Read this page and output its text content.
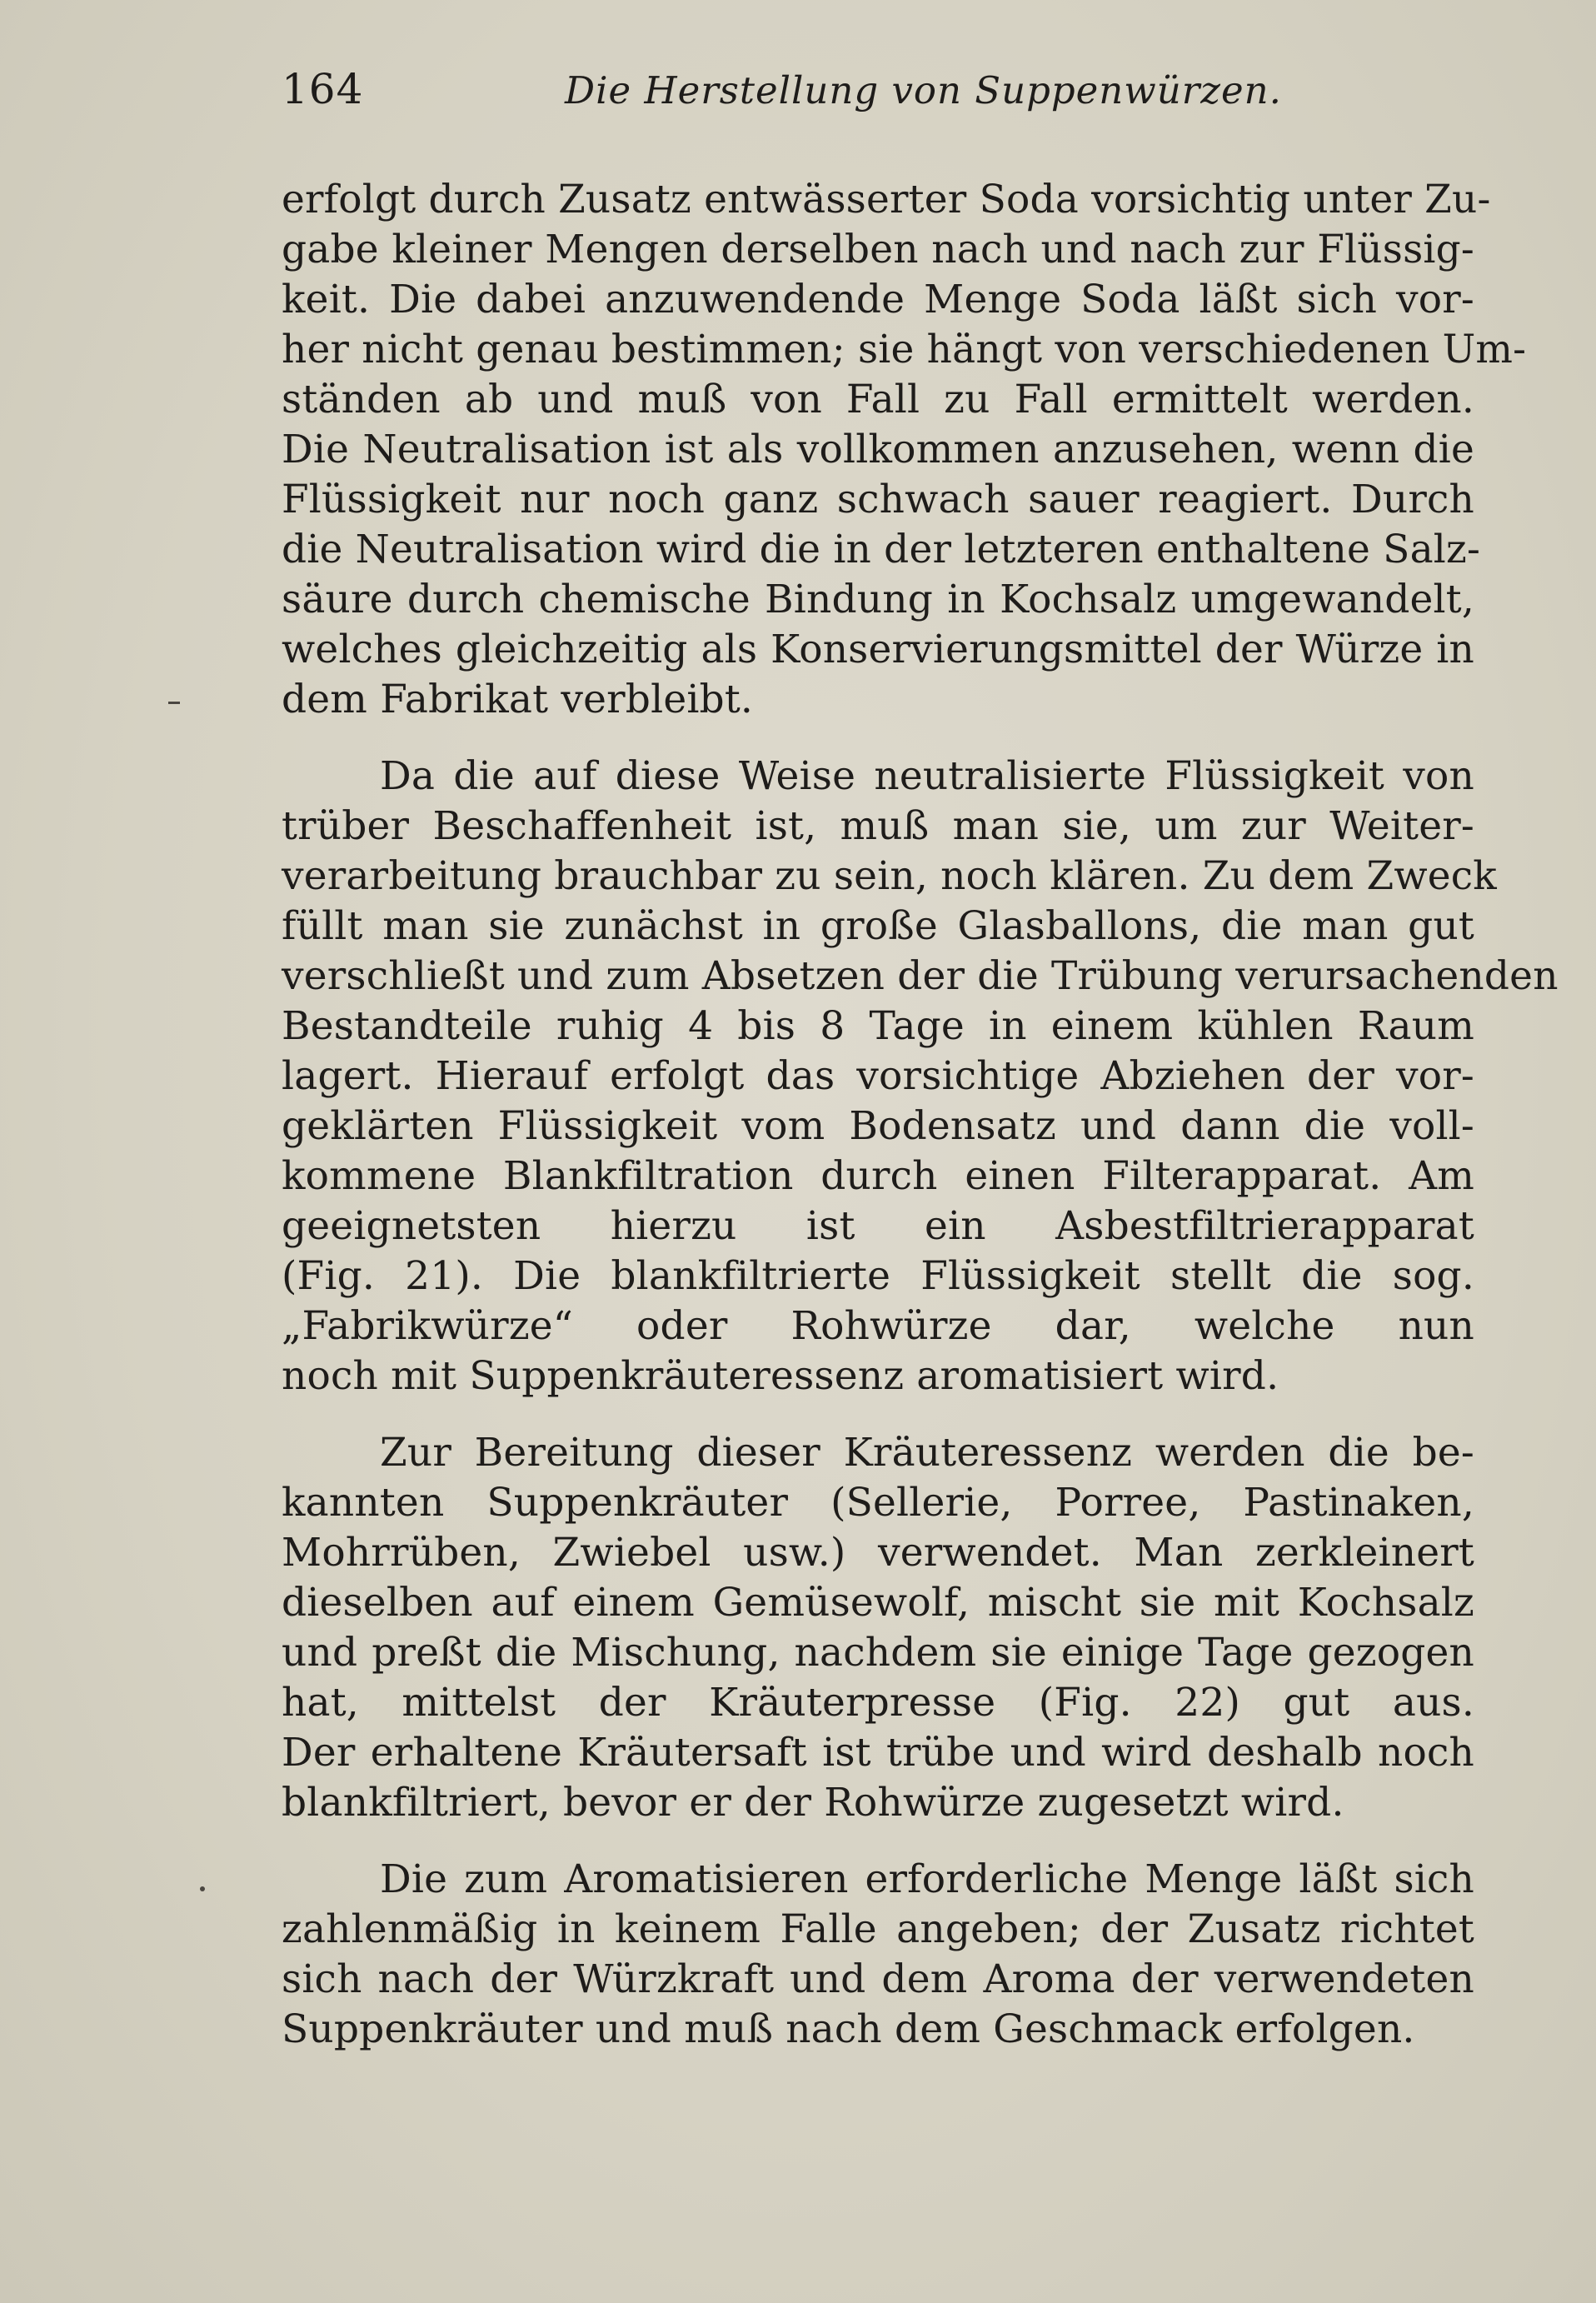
164	Die Herstellung von Suppenwürzen.
erfolgt durch Zusatz entwässerter Soda vorsichtig unter Zu-
gabe kleiner Mengen derselben nach und nach zur Flüssig-
keit. Die dabei anzuwendende Menge Soda läßt sich vor-
her nicht genau bestimmen; sie hängt von verschiedenen Um-
ständen ab und muß von Fall zu Fall ermittelt werden.
Die Neutralisation ist als vollkommen anzusehen, wenn die
Flüssigkeit nur noch ganz schwach sauer reagiert. Durch
die Neutralisation wird die in der letzteren enthaltene Salz-
säure durch chemische Bindung in Kochsalz umgewandelt,
welches gleichzeitig als Konservierungsmittel der Würze in
dem Fabrikat verbleibt.
Da die auf diese Weise neutralisierte Flüssigkeit von
trüber Beschaffenheit ist, muß man sie, um zur Weiter-
verarbeitung brauchbar zu sein, noch klären. Zu dem Zweck
füllt man sie zunächst in große Glasballons, die man gut
verschließt und zum Absetzen der die Trübung verursachenden
Bestandteile ruhig 4 bis 8 Tage in einem kühlen Raum
lagert. Hierauf erfolgt das vorsichtige Abziehen der vor-
geklärten Flüssigkeit vom Bodensatz und dann die voll-
kommene Blankfiltration durch einen Filterapparat. Am
geeignetsten hierzu ist ein Asbestfiltrierapparat
(Fig. 21). Die blankfiltrierte Flüssigkeit stellt die sog.
„Fabrikwürze“ oder Rohwürze dar, welche nun
noch mit Suppenkräuteressenz aromatisiert wird.
Zur Bereitung dieser Kräuteressenz werden die be-
kannten Suppenkräuter (Sellerie, Porree, Pastinaken,
Mohrrüben, Zwiebel usw.) verwendet. Man zerkleinert
dieselben auf einem Gemüsewolf, mischt sie mit Kochsalz
und preßt die Mischung, nachdem sie einige Tage gezogen
hat, mittelst der Kräuterpresse (Fig. 22) gut aus.
Der erhaltene Kräutersaft ist trübe und wird deshalb noch
blankfiltriert, bevor er der Rohwürze zugesetzt wird.
Die zum Aromatisieren erforderliche Menge läßt sich
zahlenmäßig in keinem Falle angeben; der Zusatz richtet
sich nach der Würzkraft und dem Aroma der verwendeten
Suppenkräuter und muß nach dem Geschmack erfolgen.
